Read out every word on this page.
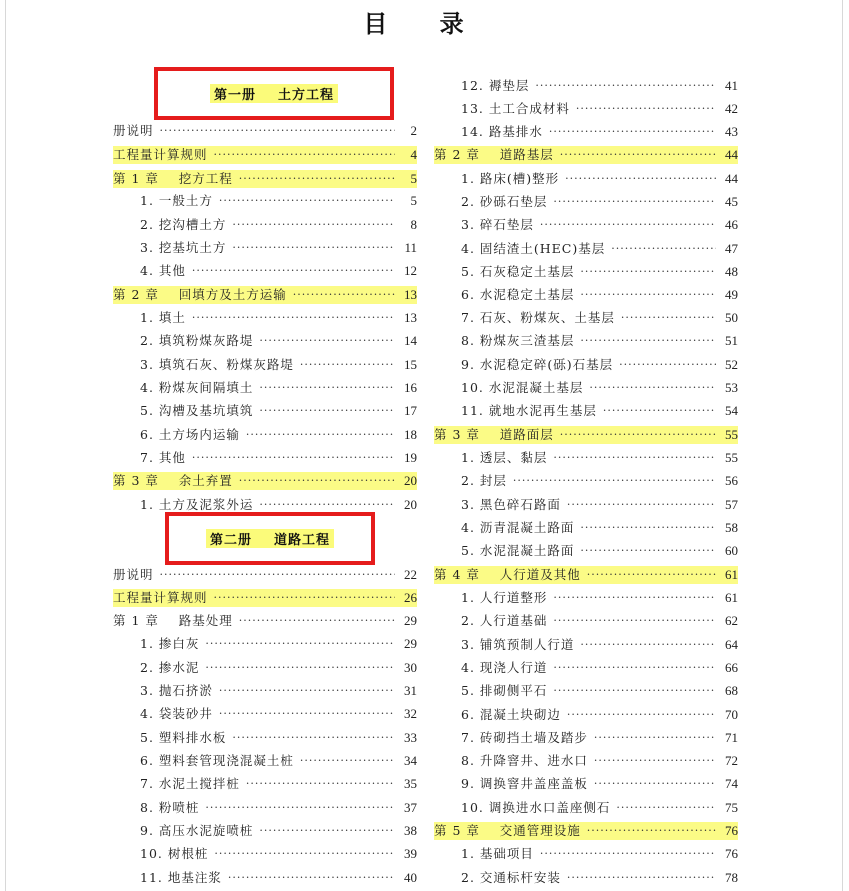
目 录
第一册    土方工程
第二册    道路工程
册说明 ·····	2
工程量计算规则 ·····	4
第 1 章    挖方工程 ·····	5
1. 一般土方 ·····	5
2. 挖沟槽土方 ·····	8
3. 挖基坑土方 ·····	11
4. 其他 ·····	12
第 2 章    回填方及土方运输 ·····	13
1. 填土 ·····	13
2. 填筑粉煤灰路堤 ·····	14
3. 填筑石灰、粉煤灰路堤 ·····	15
4. 粉煤灰间隔填土 ·····	16
5. 沟槽及基坑填筑 ·····	17
6. 土方场内运输 ·····	18
7. 其他 ·····	19
第 3 章    余土弃置 ·····	20
1. 土方及泥浆外运 ·····	20
册说明 ·····	22
工程量计算规则 ·····	26
第 1 章    路基处理 ·····	29
1. 掺白灰 ·····	29
2. 掺水泥 ·····	30
3. 抛石挤淤 ·····	31
4. 袋装砂井 ·····	32
5. 塑料排水板 ·····	33
6. 塑料套管现浇混凝土桩 ·····	34
7. 水泥土搅拌桩 ·····	35
8. 粉喷桩 ·····	37
9. 高压水泥旋喷桩 ·····	38
10. 树根桩 ·····	39
11. 地基注浆 ·····	40
12. 褥垫层 ·····	41
13. 土工合成材料 ·····	42
14. 路基排水 ·····	43
第 2 章    道路基层 ·····	44
1. 路床(槽)整形 ·····	44
2. 砂砾石垫层 ·····	45
3. 碎石垫层 ·····	46
4. 固结渣土(HEC)基层 ·····	47
5. 石灰稳定土基层 ·····	48
6. 水泥稳定土基层 ·····	49
7. 石灰、粉煤灰、土基层 ·····	50
8. 粉煤灰三渣基层 ·····	51
9. 水泥稳定碎(砾)石基层 ·····	52
10. 水泥混凝土基层 ·····	53
11. 就地水泥再生基层 ·····	54
第 3 章    道路面层 ·····	55
1. 透层、黏层 ·····	55
2. 封层 ·····	56
3. 黑色碎石路面 ·····	57
4. 沥青混凝土路面 ·····	58
5. 水泥混凝土路面 ·····	60
第 4 章    人行道及其他 ·····	61
1. 人行道整形 ·····	61
2. 人行道基础 ·····	62
3. 铺筑预制人行道 ·····	64
4. 现浇人行道 ·····	66
5. 排砌侧平石 ·····	68
6. 混凝土块砌边 ·····	70
7. 砖砌挡土墙及踏步 ·····	71
8. 升降窨井、进水口 ·····	72
9. 调换窨井盖座盖板 ·····	74
10. 调换进水口盖座侧石 ·····	75
第 5 章    交通管理设施 ·····	76
1. 基础项目 ·····	76
2. 交通标杆安装 ·····	78
